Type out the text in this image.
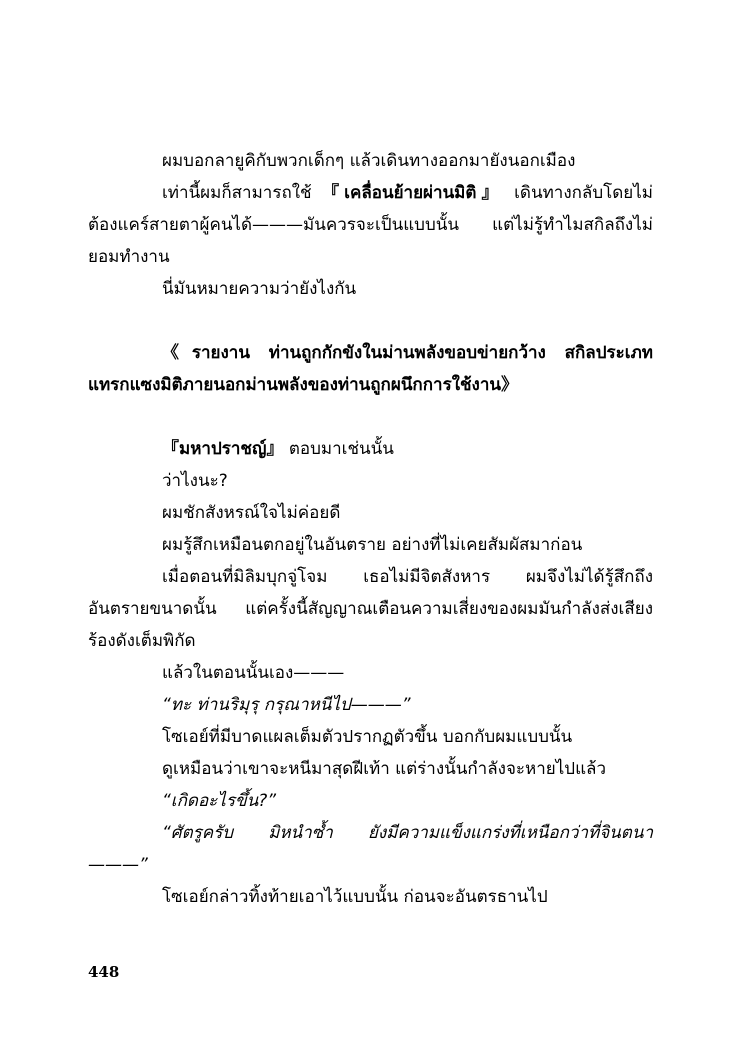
ผมบอกลายูคิกับพวกเด็กๆ แล้วเดินทางออกมายังนอกเมือง

เท่านี้ผมก็สามารถใช้ 『เคลื่อนย้ายผ่านมิติ』 เดินทางกลับโดยไม่ต้องแคร์สายตาผู้คนได้———มันควรจะเป็นแบบนั้น แต่ไม่รู้ทำไมสกิลถึงไม่ยอมทำงาน

นี่มันหมายความว่ายังไงกัน

《รายงาน ท่านถูกกักขังในม่านพลังขอบข่ายกว้าง สกิลประเภทแทรกแซงมิติภายนอกม่านพลังของท่านถูกผนึกการใช้งาน》

『มหาปราชญ์』 ตอบมาเช่นนั้น

ว่าไงนะ?

ผมชักสังหรณ์ใจไม่ค่อยดี

ผมรู้สึกเหมือนตกอยู่ในอันตราย อย่างที่ไม่เคยสัมผัสมาก่อน

เมื่อตอนที่มิลิมบุกจู่โจม เธอไม่มีจิตสังหาร ผมจึงไม่ได้รู้สึกถึงอันตรายขนาดนั้น แต่ครั้งนี้สัญญาณเตือนความเสี่ยงของผมมันกำลังส่งเสียงร้องดังเต็มพิกัด

แล้วในตอนนั้นเอง———

“ทะ ท่านริมุรุ กรุณาหนีไป———”

โซเอย์ที่มีบาดแผลเต็มตัวปรากฏตัวขึ้น บอกกับผมแบบนั้น

ดูเหมือนว่าเขาจะหนีมาสุดฝีเท้า แต่ร่างนั้นกำลังจะหายไปแล้ว

“เกิดอะไรขึ้น?”

“ศัตรูครับ มิหนำซ้ำ ยังมีความแข็งแกร่งที่เหนือกว่าที่จินตนา———”

โซเอย์กล่าวทิ้งท้ายเอาไว้แบบนั้น ก่อนจะอันตรธานไป

448
